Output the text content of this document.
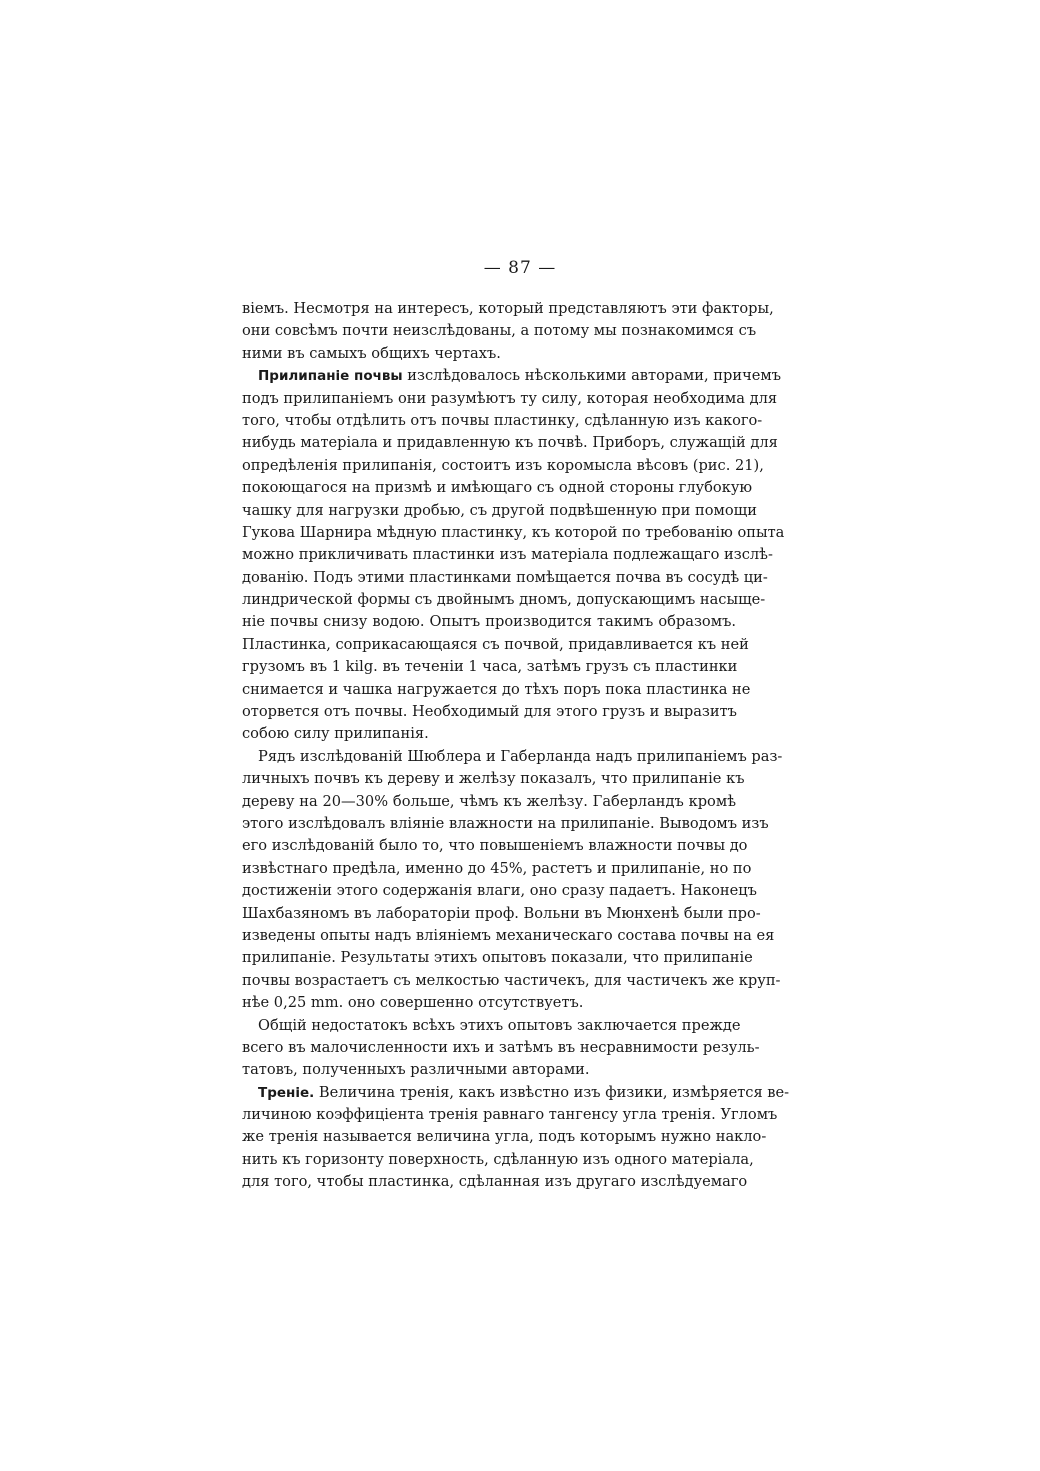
— 87 —
віемъ. Несмотря на интересъ, который представляютъ эти факторы,
они совсѣмъ почти неизслѣдованы, а потому мы познакомимся съ
ними въ самыхъ общихъ чертахъ.
Прилипаніе почвы изслѣдовалось нѣсколькими авторами, причемъ
подъ прилипаніемъ они разумѣютъ ту силу, которая необходима для
того, чтобы отдѣлить отъ почвы пластинку, сдѣланную изъ какого-
нибудь матеріала и придавленную къ почвѣ. Приборъ, служащій для
опредѣленія прилипанія, состоитъ изъ коромысла вѣсовъ (рис. 21),
покоющагося на призмѣ и имѣющаго съ одной стороны глубокую
чашку для нагрузки дробью, съ другой подвѣшенную при помощи
Гукова Шарнира мѣдную пластинку, къ которой по требованію опыта
можно прикличивать пластинки изъ матеріала подлежащаго изслѣ-
дованію. Подъ этими пластинками помѣщается почва въ сосудѣ ци-
линдрической формы съ двойнымъ дномъ, допускающимъ насыще-
ніе почвы снизу водою. Опытъ производится такимъ образомъ.
Пластинка, соприкасающаяся съ почвой, придавливается къ ней
грузомъ въ 1 kilg. въ теченіи 1 часа, затѣмъ грузъ съ пластинки
снимается и чашка нагружается до тѣхъ поръ пока пластинка не
оторвется отъ почвы. Необходимый для этого грузъ и выразитъ
собою силу прилипанія.
Рядъ изслѣдованій Шюблера и Габерланда надъ прилипаніемъ раз-
личныхъ почвъ къ дереву и желѣзу показалъ, что прилипаніе къ
дереву на 20—30% больше, чѣмъ къ желѣзу. Габерландъ кромѣ
этого изслѣдовалъ вліяніе влажности на прилипаніе. Выводомъ изъ
его изслѣдованій было то, что повышеніемъ влажности почвы до
извѣстнаго предѣла, именно до 45%, растетъ и прилипаніе, но по
достиженіи этого содержанія влаги, оно сразу падаетъ. Наконецъ
Шахбазяномъ въ лабораторіи проф. Вольни въ Мюнхенѣ были про-
изведены опыты надъ вліяніемъ механическаго состава почвы на ея
прилипаніе. Результаты этихъ опытовъ показали, что прилипаніе
почвы возрастаетъ съ мелкостью частичекъ, для частичекъ же круп-
нѣе 0,25 mm. оно совершенно отсутствуетъ.
Общій недостатокъ всѣхъ этихъ опытовъ заключается прежде
всего въ малочисленности ихъ и затѣмъ въ несравнимости резуль-
татовъ, полученныхъ различными авторами.
Треніе. Величина тренія, какъ извѣстно изъ физики, измѣряется ве-
личиною коэффиціента тренія равнаго тангенсу угла тренія. Угломъ
же тренія называется величина угла, подъ которымъ нужно накло-
нить къ горизонту поверхность, сдѣланную изъ одного матеріала,
для того, чтобы пластинка, сдѣланная изъ другаго изслѣдуемаго
